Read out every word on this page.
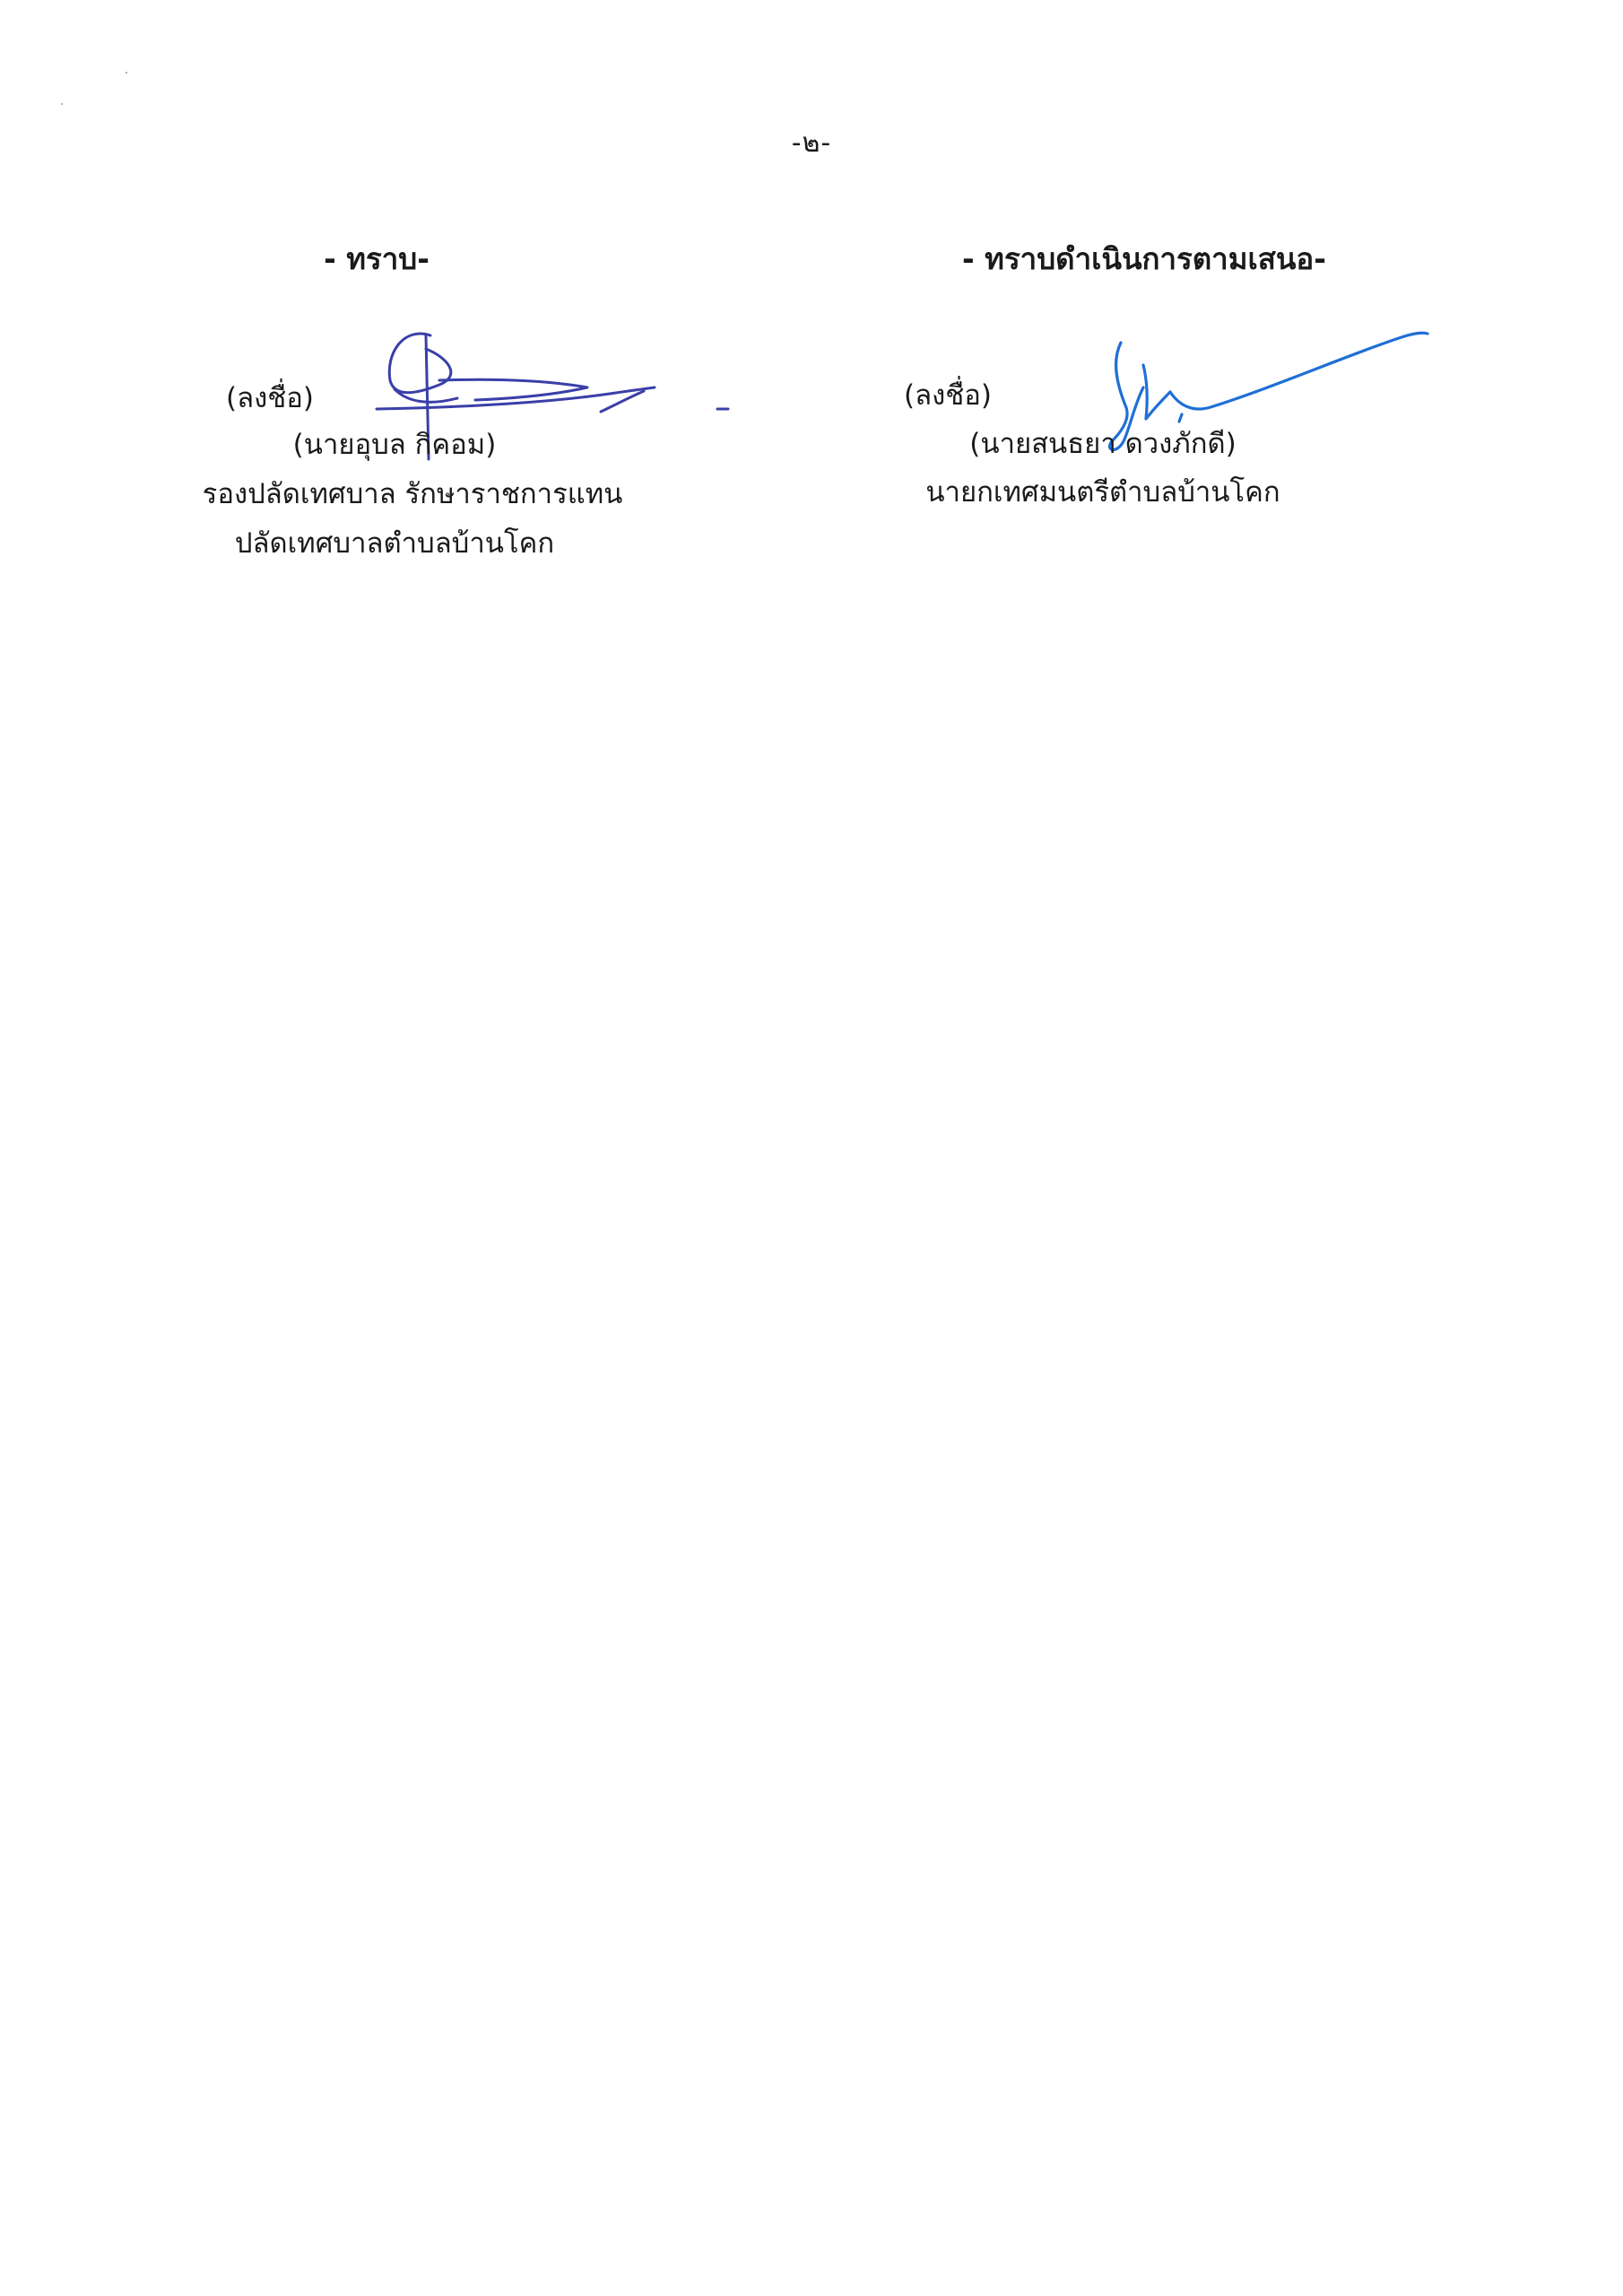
-๒-
- ทราบ-
(ลงชื่อ)
(นายอุบล กิคอม)
รองปลัดเทศบาล รักษาราชการแทน
ปลัดเทศบาลตำบลบ้านโคก
- ทราบดำเนินการตามเสนอ-
(ลงชื่อ)
(นายสนธยา ดวงภักดี)
นายกเทศมนตรีตำบลบ้านโคก
